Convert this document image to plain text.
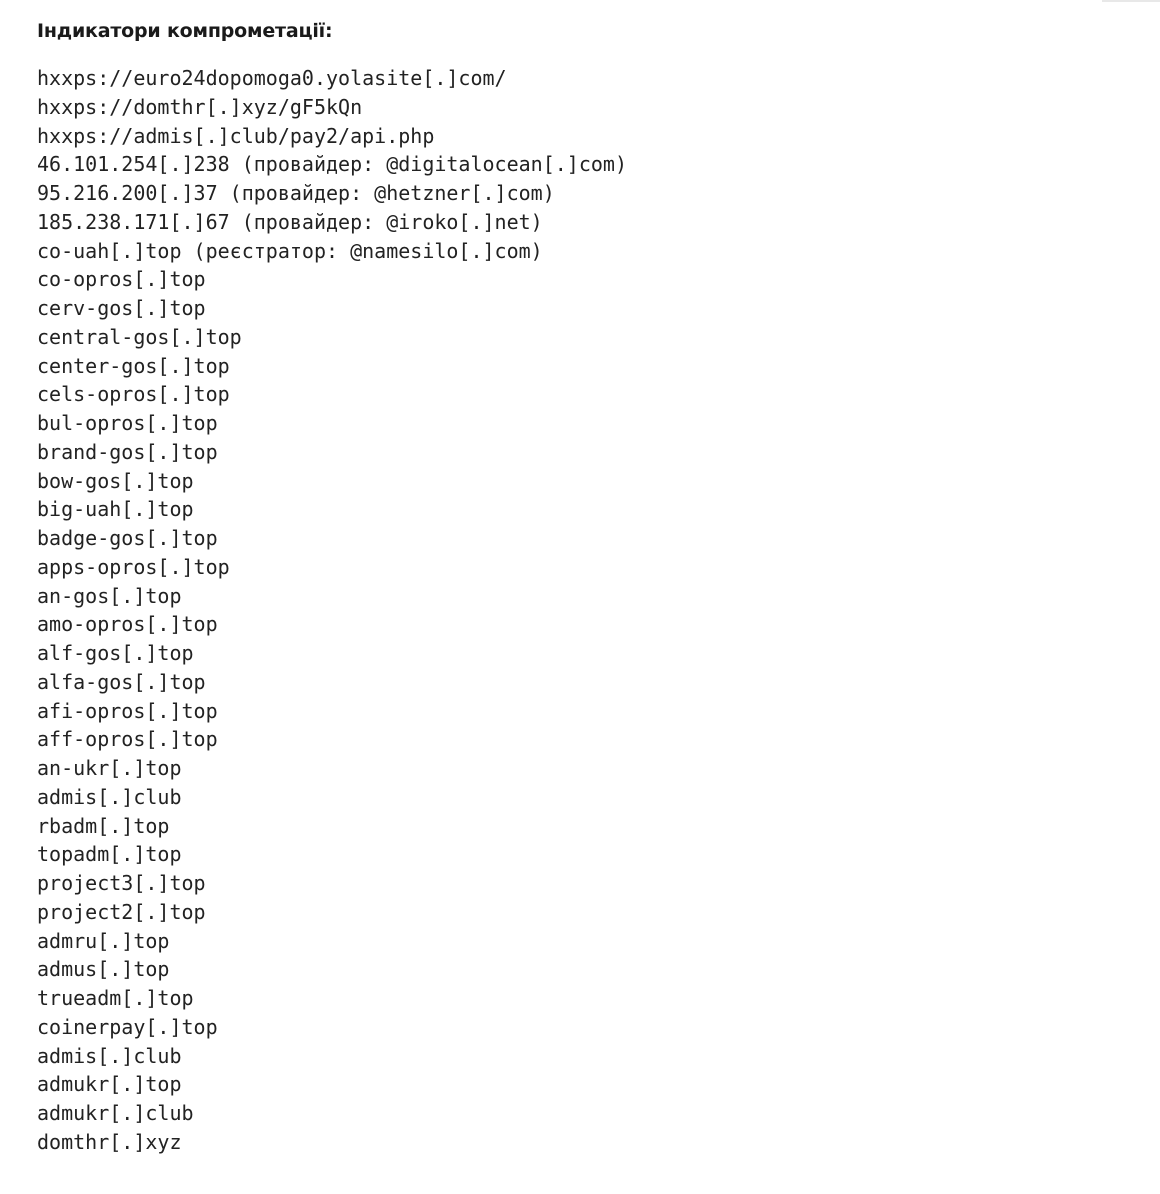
Індикатори компрометації:
hxxps://euro24dopomoga0.yolasite[.]com/
hxxps://domthr[.]xyz/gF5kQn
hxxps://admis[.]club/pay2/api.php
46.101.254[.]238 (провайдер: @digitalocean[.]com)
95.216.200[.]37 (провайдер: @hetzner[.]com)
185.238.171[.]67 (провайдер: @iroko[.]net)
co-uah[.]top (реєстратор: @namesilo[.]com)
co-opros[.]top
cerv-gos[.]top
central-gos[.]top
center-gos[.]top
cels-opros[.]top
bul-opros[.]top
brand-gos[.]top
bow-gos[.]top
big-uah[.]top
badge-gos[.]top
apps-opros[.]top
an-gos[.]top
amo-opros[.]top
alf-gos[.]top
alfa-gos[.]top
afi-opros[.]top
aff-opros[.]top
an-ukr[.]top
admis[.]club
rbadm[.]top
topadm[.]top
project3[.]top
project2[.]top
admru[.]top
admus[.]top
trueadm[.]top
coinerpay[.]top
admis[.]club
admukr[.]top
admukr[.]club
domthr[.]xyz
